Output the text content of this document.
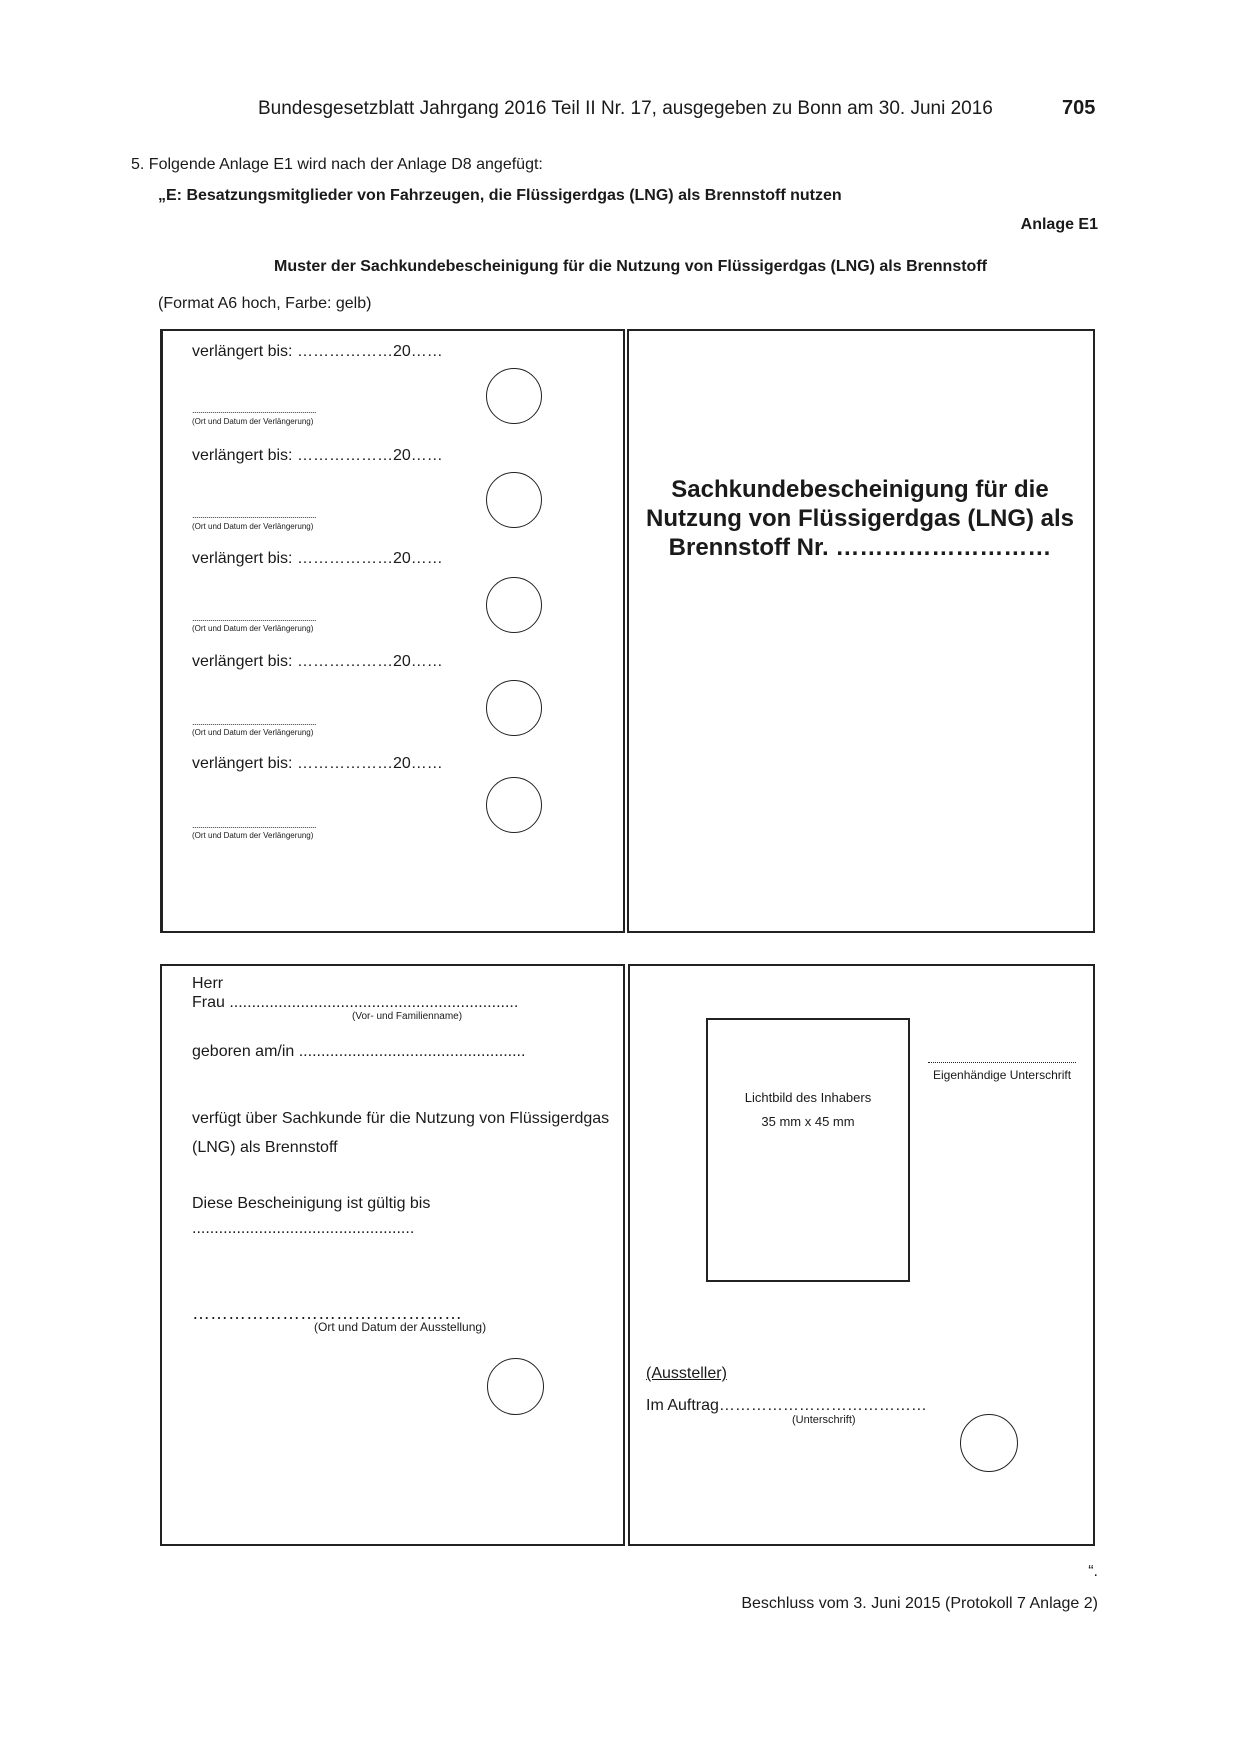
Bundesgesetzblatt Jahrgang 2016 Teil II Nr. 17, ausgegeben zu Bonn am 30. Juni 2016	705
5. Folgende Anlage E1 wird nach der Anlage D8 angefügt:
„E: Besatzungsmitglieder von Fahrzeugen, die Flüssigerdgas (LNG) als Brennstoff nutzen
Anlage E1
Muster der Sachkundebescheinigung für die Nutzung von Flüssigerdgas (LNG) als Brennstoff
(Format A6 hoch, Farbe: gelb)
verlängert bis: ………………20……
..............................................................
(Ort und Datum der Verlängerung)
verlängert bis: ………………20……
..............................................................
(Ort und Datum der Verlängerung)
verlängert bis: ………………20……
..............................................................
(Ort und Datum der Verlängerung)
verlängert bis: ………………20……
..............................................................
(Ort und Datum der Verlängerung)
verlängert bis: ………………20……
..............................................................
(Ort und Datum der Verlängerung)
Sachkundebescheinigung für die
Nutzung von Flüssigerdgas (LNG) als
Brennstoff Nr. ………………………
Herr
Frau .................................................................
(Vor- und Familienname)
geboren am/in ...................................................
verfügt über Sachkunde für die Nutzung von Flüssigerdgas
(LNG) als Brennstoff
Diese Bescheinigung ist gültig bis
..................................................
………………………………………
(Ort und Datum der Ausstellung)
Lichtbild des Inhabers
35 mm x 45 mm
Eigenhändige Unterschrift
(Aussteller)
Im Auftrag…………………………………
(Unterschrift)
“.
Beschluss vom 3. Juni 2015 (Protokoll 7 Anlage 2)
